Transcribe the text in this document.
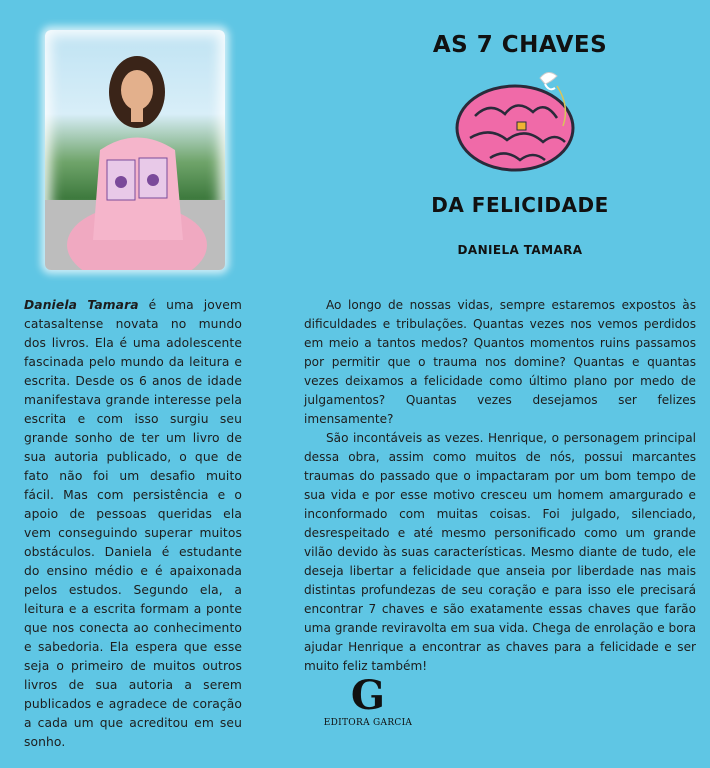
AS 7 CHAVES
DA FELICIDADE
DANIELA TAMARA
Daniela Tamara é uma jovem catasaltense novata no mundo dos livros. Ela é uma adolescente fascinada pelo mundo da leitura e escrita. Desde os 6 anos de idade manifestava grande interesse pela escrita e com isso surgiu seu grande sonho de ter um livro de sua autoria publicado, o que de fato não foi um desafio muito fácil. Mas com persistência e o apoio de pessoas queridas ela vem conseguindo superar muitos obstáculos. Daniela é estudante do ensino médio e é apaixonada pelos estudos. Segundo ela, a leitura e a escrita formam a ponte que nos conecta ao conhecimento e sabedoria. Ela espera que esse seja o primeiro de muitos outros livros de sua autoria a serem publicados e agradece de coração a cada um que acreditou em seu sonho.

Ao longo de nossas vidas, sempre estaremos expostos às dificuldades e tribulações. Quantas vezes nos vemos perdidos em meio a tantos medos? Quantos momentos ruins passamos por permitir que o trauma nos domine? Quantas e quantas vezes deixamos a felicidade como último plano por medo de julgamentos? Quantas vezes desejamos ser felizes imensamente?

São incontáveis as vezes. Henrique, o personagem principal dessa obra, assim como muitos de nós, possui marcantes traumas do passado que o impactaram por um bom tempo de sua vida e por esse motivo cresceu um homem amargurado e inconformado com muitas coisas. Foi julgado, silenciado, desrespeitado e até mesmo personificado como um grande vilão devido às suas características. Mesmo diante de tudo, ele deseja libertar a felicidade que anseia por liberdade nas mais distintas profundezas de seu coração e para isso ele precisará encontrar 7 chaves e são exatamente essas chaves que farão uma grande reviravolta em sua vida. Chega de enrolação e bora ajudar Henrique a encontrar as chaves para a felicidade e ser muito feliz também!

G
EDITORA GARCIA
